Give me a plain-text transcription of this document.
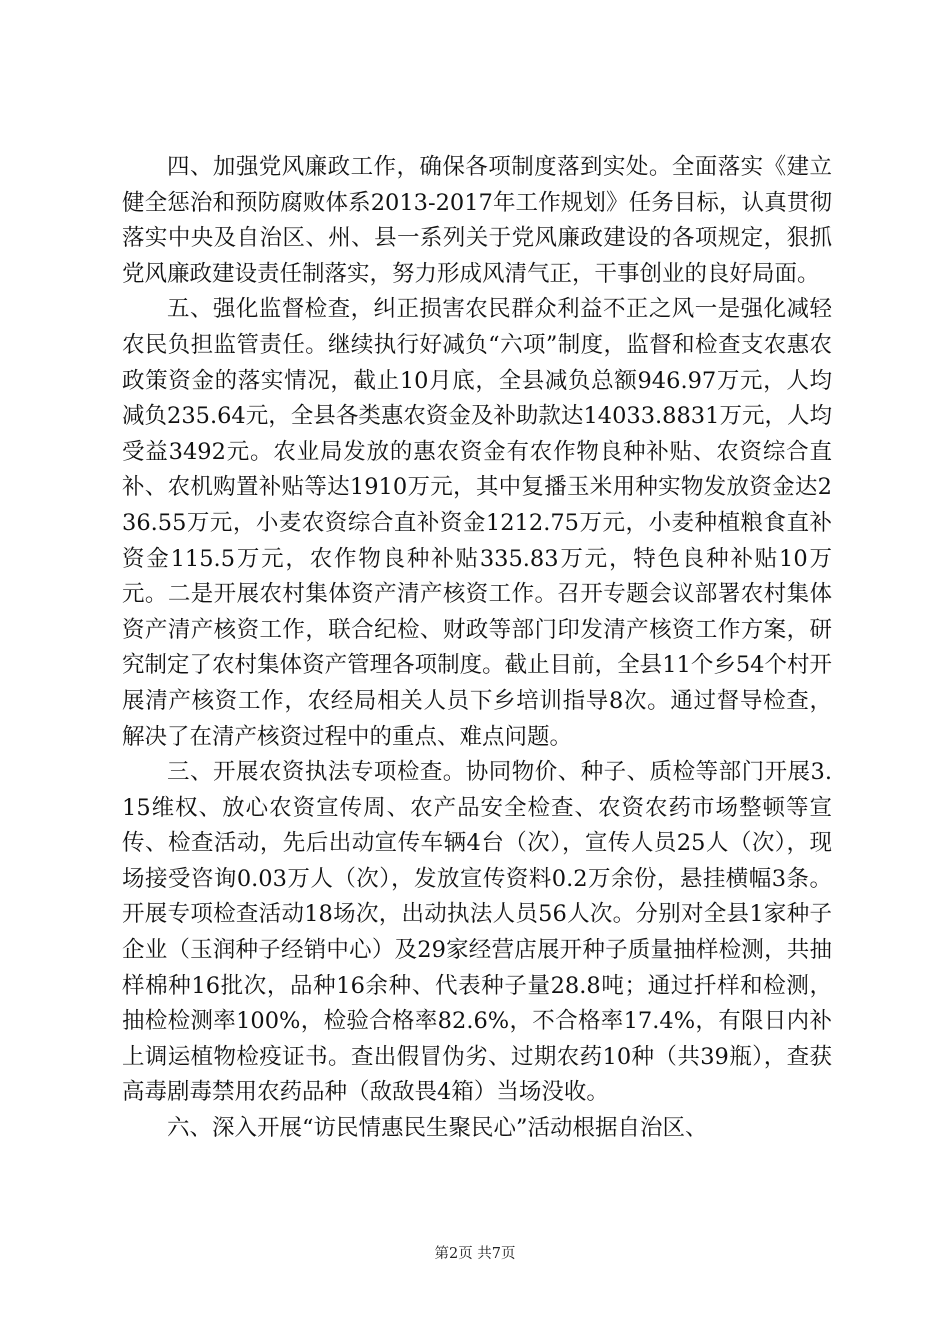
四、加强党风廉政工作，确保各项制度落到实处。全面落实《建立健全惩治和预防腐败体系2013-2017年工作规划》任务目标，认真贯彻落实中央及自治区、州、县一系列关于党风廉政建设的各项规定，狠抓党风廉政建设责任制落实，努力形成风清气正，干事创业的良好局面。

五、强化监督检查，纠正损害农民群众利益不正之风一是强化减轻农民负担监管责任。继续执行好减负“六项”制度，监督和检查支农惠农政策资金的落实情况，截止10月底，全县减负总额946.97万元，人均减负235.64元，全县各类惠农资金及补助款达14033.8831万元，人均受益3492元。农业局发放的惠农资金有农作物良种补贴、农资综合直补、农机购置补贴等达1910万元，其中复播玉米用种实物发放资金达236.55万元，小麦农资综合直补资金1212.75万元，小麦种植粮食直补资金115.5万元，农作物良种补贴335.83万元，特色良种补贴10万元。二是开展农村集体资产清产核资工作。召开专题会议部署农村集体资产清产核资工作，联合纪检、财政等部门印发清产核资工作方案，研究制定了农村集体资产管理各项制度。截止目前，全县11个乡54个村开展清产核资工作，农经局相关人员下乡培训指导8次。通过督导检查，解决了在清产核资过程中的重点、难点问题。

三、开展农资执法专项检查。协同物价、种子、质检等部门开展3.15维权、放心农资宣传周、农产品安全检查、农资农药市场整顿等宣传、检查活动，先后出动宣传车辆4台（次），宣传人员25人（次），现场接受咨询0.03万人（次），发放宣传资料0.2万余份，悬挂横幅3条。开展专项检查活动18场次，出动执法人员56人次。分别对全县1家种子企业（玉润种子经销中心）及29家经营店展开种子质量抽样检测，共抽样棉种16批次，品种16余种、代表种子量28.8吨；通过扦样和检测，抽检检测率100%，检验合格率82.6%，不合格率17.4%，有限日内补上调运植物检疫证书。查出假冒伪劣、过期农药10种（共39瓶），查获高毒剧毒禁用农药品种（敌敌畏4箱）当场没收。

六、深入开展“访民情惠民生聚民心”活动根据自治区、

第2页 共7页
